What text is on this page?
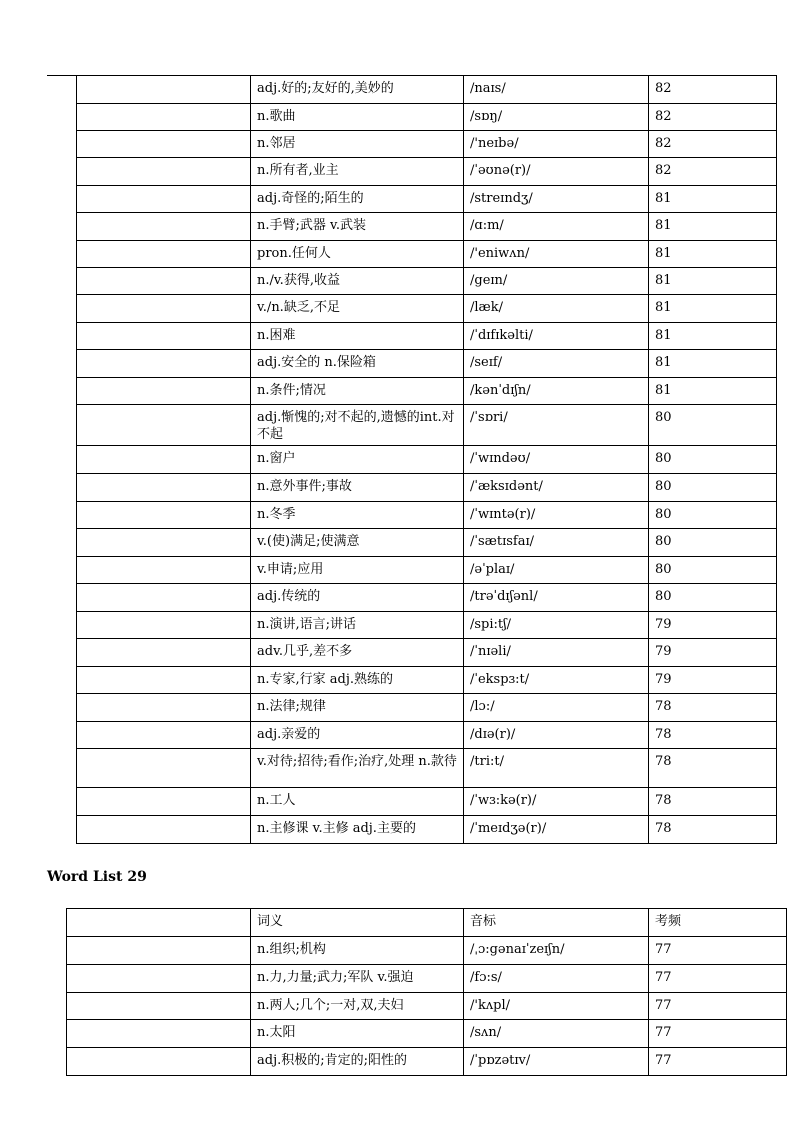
	adj.好的;友好的,美妙的	/naɪs/	82
	n.歌曲	/sɒŋ/	82
	n.邻居	/'neɪbə/	82
	n.所有者,业主	/ˈəʊnə(r)/	82
	adj.奇怪的;陌生的	/streɪndʒ/	81
	n.手臂;武器 v.武装	/ɑ:m/	81
	pron.任何人	/'eniwʌn/	81
	n./v.获得,收益	/geɪn/	81
	v./n.缺乏,不足	/læk/	81
	n.困难	/ˈdɪfɪkəlti/	81
	adj.安全的 n.保险箱	/seɪf/	81
	n.条件;情况	/kənˈdɪʃn/	81
	adj.惭愧的;对不起的,遗憾的int.对不起	/ˈsɒri/	80
	n.窗户	/ˈwɪndəʊ/	80
	n.意外事件;事故	/ˈæksɪdənt/	80
	n.冬季	/ˈwɪntə(r)/	80
	v.(使)满足;使满意	/ˈsætɪsfaɪ/	80
	v.申请;应用	/əˈplaɪ/	80
	adj.传统的	/trəˈdɪʃənl/	80
	n.演讲,语言;讲话	/spi:tʃ/	79
	adv.几乎,差不多	/ˈnɪəli/	79
	n.专家,行家 adj.熟练的	/ˈekspɜ:t/	79
	n.法律;规律	/lɔ:/	78
	adj.亲爱的	/dɪə(r)/	78
	v.对待;招待;看作;治疗,处理 n.款待	/tri:t/	78
	n.工人	/ˈwɜ:kə(r)/	78
	n.主修课 v.主修 adj.主要的	/ˈmeɪdʒə(r)/	78
Word List 29
	词义	音标	考频
	n.组织;机构	/ˌɔ:gənaɪˈzeɪʃn/	77
	n.力,力量;武力;军队 v.强迫	/fɔ:s/	77
	n.两人;几个;一对,双,夫妇	/'kʌpl/	77
	n.太阳	/sʌn/	77
	adj.积极的;肯定的;阳性的	/ˈpɒzətɪv/	77
